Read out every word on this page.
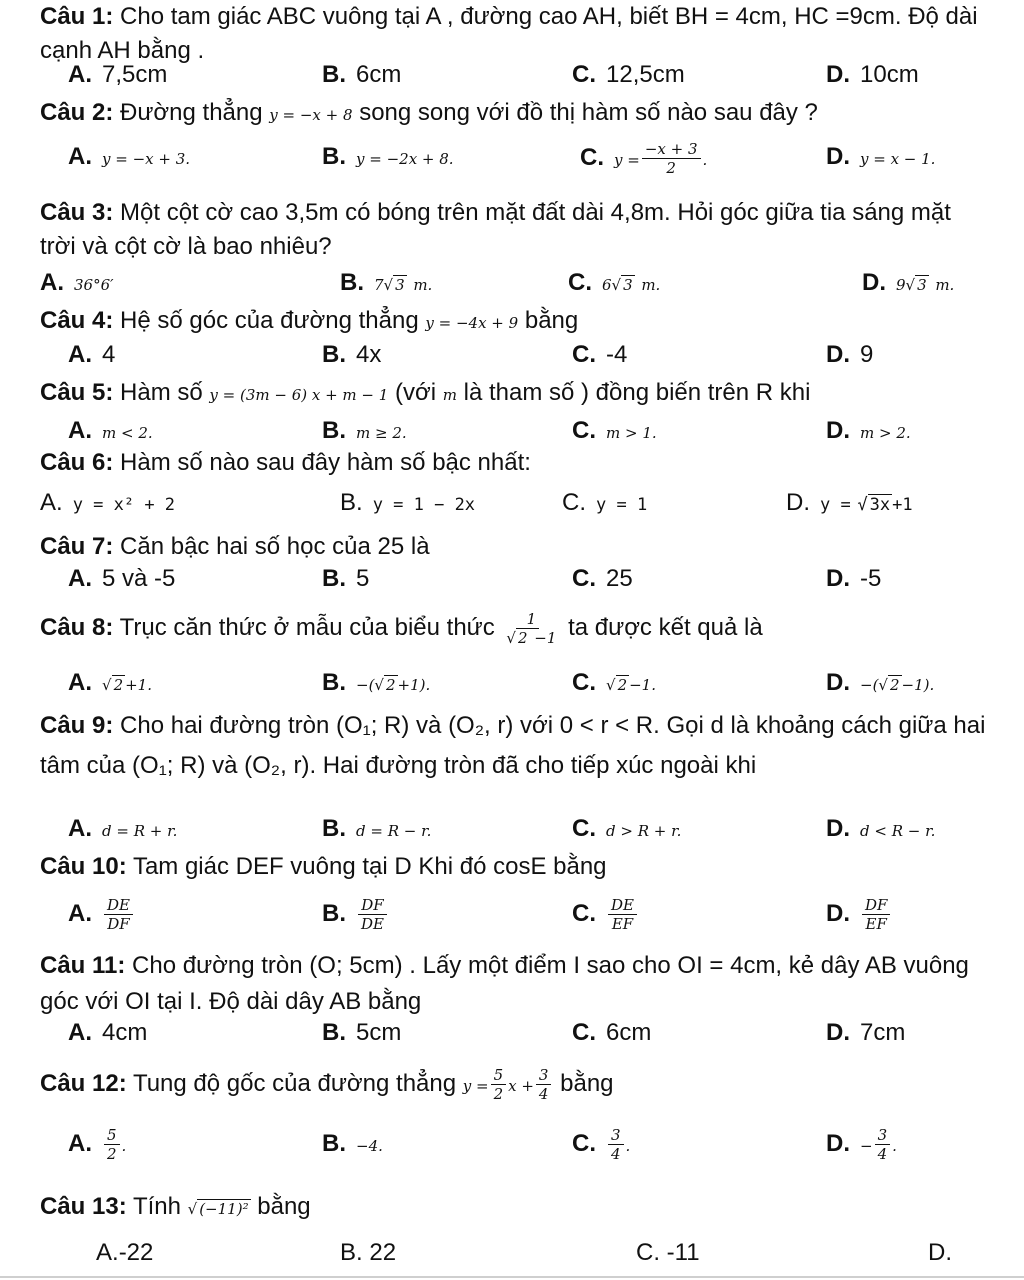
Câu 1: Cho tam giác ABC vuông tại A , đường cao AH, biết BH = 4cm, HC =9cm. Độ dài cạnh AH bằng .
A. 7,5cm	B. 6cm	C. 12,5cm	D. 10cm
Câu 2: Đường thẳng y = −x + 8 song song với đồ thị hàm số nào sau đây ?
A. y = −x + 3.	B. y = −2x + 8.	C. $y = \frac{-x + 3}{2}$ .	D. y = x − 1.
Câu 3: Một cột cờ cao 3,5m có bóng trên mặt đất dài 4,8m. Hỏi góc giữa tia sáng mặt trời và cột cờ là bao nhiêu?
A. 36°6′	B. 7√ 3 m.	C. 6√ 3 m.	D. 9√ 3 m.
Câu 4: Hệ số góc của đường thẳng y = −4x + 9 bằng
A. 4	B. 4x	C. -4	D. 9
Câu 5: Hàm số y = (3m − 6) x + m − 1 (với m là tham số ) đồng biến trên R khi
A. m < 2.	B. m ≥ 2.	C. m > 1.	D. m > 2.
Câu 6: Hàm số nào sau đây hàm số bậc nhất:
A. y = x² + 2	B. y = 1 − 2x	C. y = 1	D. y = √ 3x +1
Câu 7: Căn bậc hai số học của 25 là
A. 5 và -5	B. 5	C. 25	D. -5
Câu 8: Trục căn thức ở mẫu của biểu thức $\frac{1}{√ 2 -1}$ ta được kết quả là
A. √ 2 +1.	B. −(√ 2 +1).	C. √ 2 −1.	D. −(√ 2 −1).
Câu 9: Cho hai đường tròn (O₁; R) và (O₂, r) với 0 < r < R. Gọi d là khoảng cách giữa hai tâm của (O₁; R) và (O₂, r). Hai đường tròn đã cho tiếp xúc ngoài khi
A. d = R + r.	B. d = R − r.	C. d > R + r.	D. d < R − r.
Câu 10: Tam giác DEF vuông tại D Khi đó cosE bằng
A. $\frac{DE}{DF}$	B. $\frac{DF}{DE}$	C. $\frac{DE}{EF}$	D. $\frac{DF}{EF}$
Câu 11: Cho đường tròn (O; 5cm) . Lấy một điểm I sao cho OI = 4cm, kẻ dây AB vuông góc với OI tại I. Độ dài dây AB bằng
A. 4cm	B. 5cm	C. 6cm	D. 7cm
Câu 12: Tung độ gốc của đường thẳng $y = \frac{5}{2}$ $x + \frac{3}{4}$ bằng
A. $\frac{5}{2}$ .	B. −4.	C. $\frac{3}{4}$ .	D. − $\frac{3}{4}$ .
Câu 13: Tính √ (−11)² bằng
A.-22	B. 22	C. -11	D.
